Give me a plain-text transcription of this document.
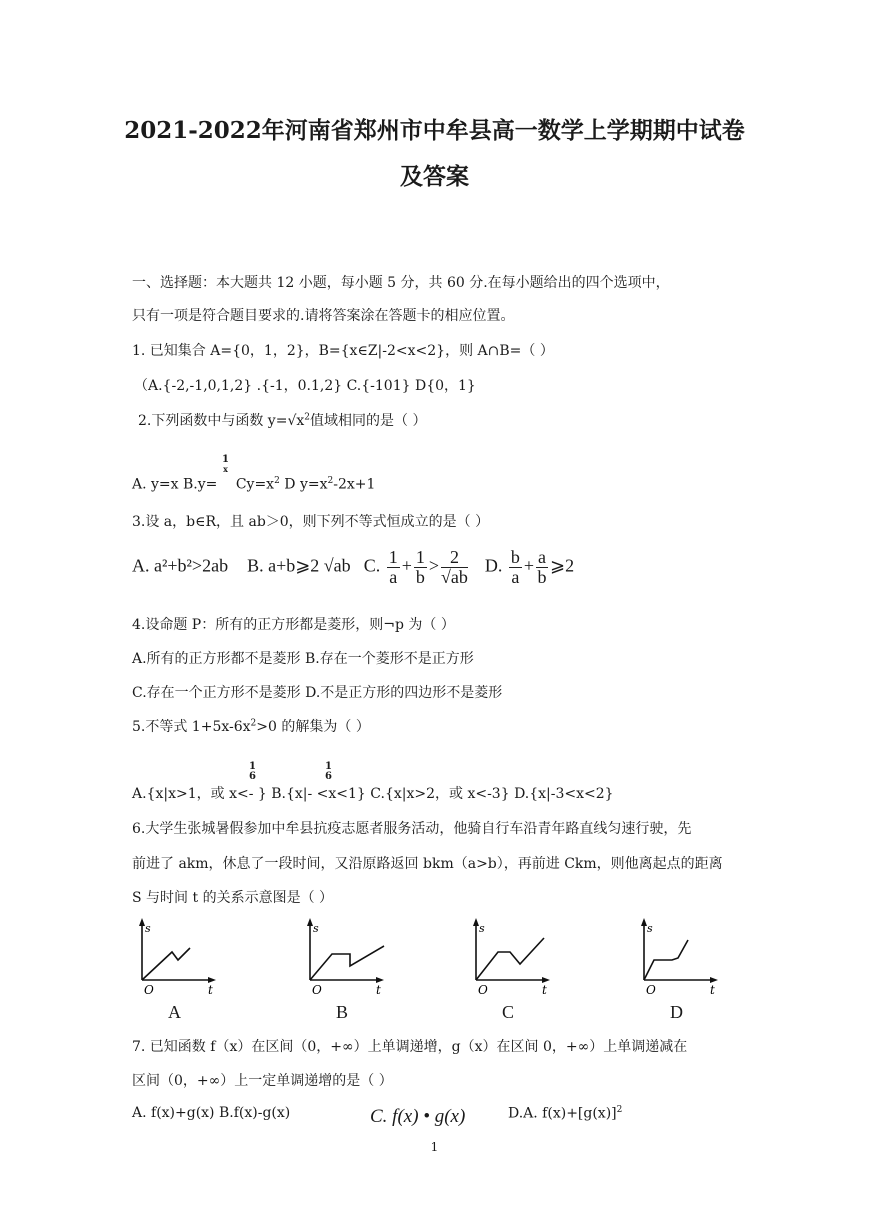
2021-2022年河南省郑州市中牟县高一数学上学期期中试卷
及答案
一、选择题：本大题共 12 小题，每小题 5 分，共 60 分.在每小题给出的四个选项中，
只有一项是符合题目要求的.请将答案涂在答题卡的相应位置。
1. 已知集合 A={0，1，2}，B={x∈Z|-2<x<2}，则 A∩B=（ ）
（A.{-2,-1,0,1,2} .{-1，0.1,2} C.{-101} D{0，1}
2.下列函数中与函数 $y=√x^2$值域相同的是（ ）
1
x
A. y=x $B.y= Cy=x^2$ D $y=x^2-2x+1$
3.设 a，b∈R，且 ab＞0，则下列不等式恒成立的是（ ）
A. a²+b²>2ab B. a+b⩾2 √ab C. $\frac{1}{a} + \frac{1}{b} > \frac{2}{√ab} D$. $\frac{b}{a} + \frac{a}{b}$ ⩾2
4.设命题 P：所有的正方形都是菱形，则¬p 为（ ）
A.所有的正方形都不是菱形 B.存在一个菱形不是正方形
C.存在一个正方形不是菱形 D.不是正方形的四边形不是菱形
5.不等式 $1+5x-6x^2>0$ 的解集为（ ）
1
6
1
6
A.{x|x>1，或 x<- } B.{x|- <x<1} C.{x|x>2，或 x<-3} D.{x|-3<x<2}
6.大学生张城暑假参加中牟县抗疫志愿者服务活动，他骑自行车沿青年路直线匀速行驶，先
前进了 akm，休息了一段时间，又沿原路返回 bkm（a>b），再前进 Ckm，则他离起点的距离
S 与时间 t 的关系示意图是（ ）
s
O	t
A
s
O	t
B
s
O	t
C
s
O	t
D
7. 已知函数 f（x）在区间（0，+∞）上单调递增，g（x）在区间 0，+∞）上单调递减在
区间（0，+∞）上一定单调递增的是（ ）
A. f(x)+g(x) B.f(x)-g(x)	C. f(x) • g(x)	D.A. $f(x)+[g(x)]^2$
1
